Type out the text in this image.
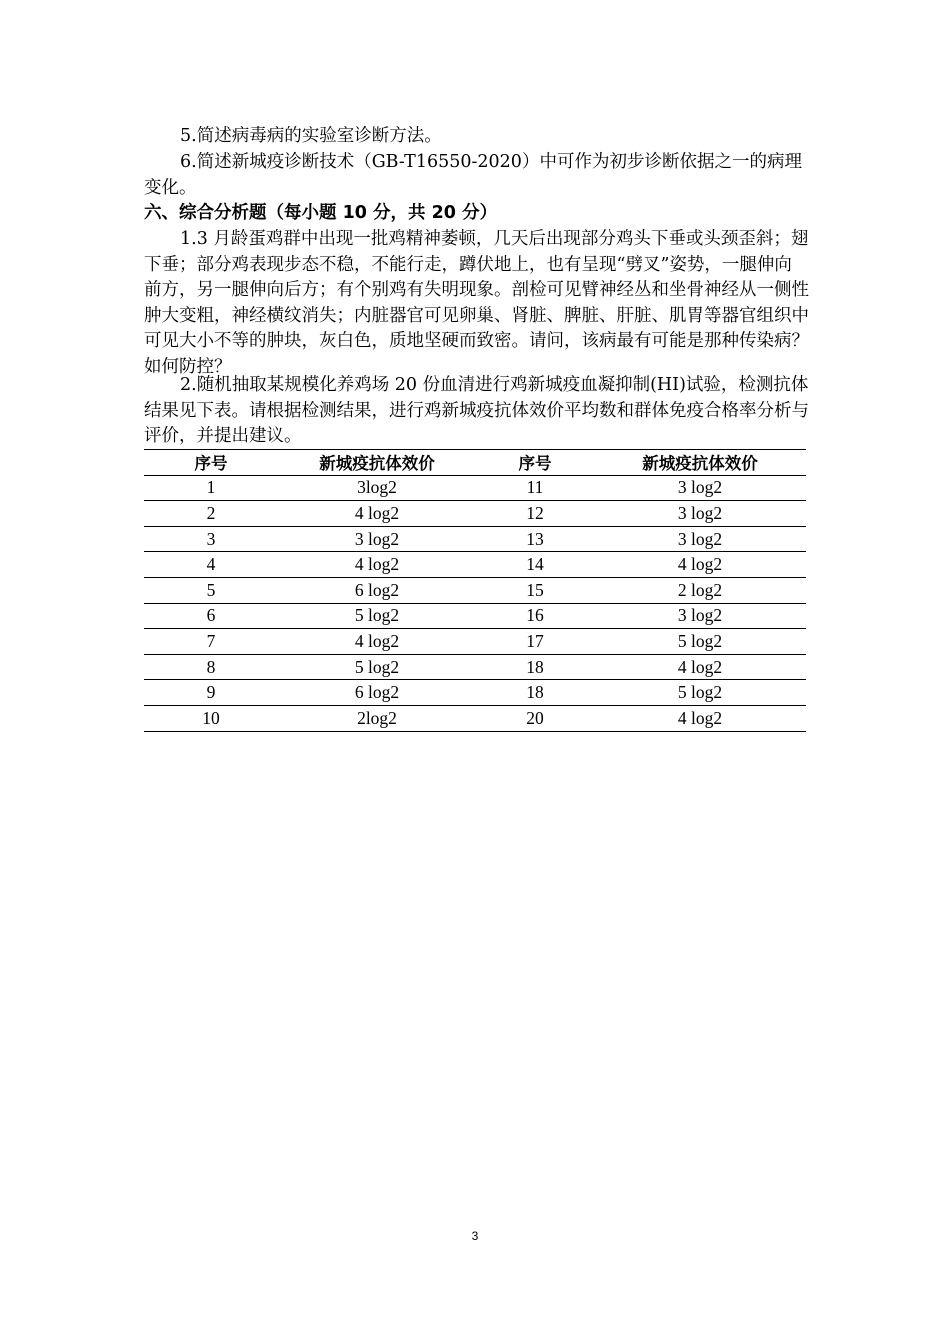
5.简述病毒病的实验室诊断方法。

6.简述新城疫诊断技术（GB-T16550-2020）中可作为初步诊断依据之一的病理变化。

六、综合分析题（每小题 10 分，共 20 分）

1.3 月龄蛋鸡群中出现一批鸡精神萎顿，几天后出现部分鸡头下垂或头颈歪斜；翅下垂；部分鸡表现步态不稳，不能行走，蹲伏地上，也有呈现“劈叉”姿势，一腿伸向前方，另一腿伸向后方；有个别鸡有失明现象。剖检可见臂神经丛和坐骨神经从一侧性肿大变粗，神经横纹消失；内脏器官可见卵巢、肾脏、脾脏、肝脏、肌胃等器官组织中可见大小不等的肿块，灰白色，质地坚硬而致密。请问，该病最有可能是那种传染病？如何防控？

2.随机抽取某规模化养鸡场 20 份血清进行鸡新城疫血凝抑制(HI)试验，检测抗体结果见下表。请根据检测结果，进行鸡新城疫抗体效价平均数和群体免疫合格率分析与评价，并提出建议。

序号	新城疫抗体效价	序号	新城疫抗体效价
1	3log2	11	3 log2
2	4 log2	12	3 log2
3	3 log2	13	3 log2
4	4 log2	14	4 log2
5	6 log2	15	2 log2
6	5 log2	16	3 log2
7	4 log2	17	5 log2
8	5 log2	18	4 log2
9	6 log2	18	5 log2
10	2log2	20	4 log2
3
